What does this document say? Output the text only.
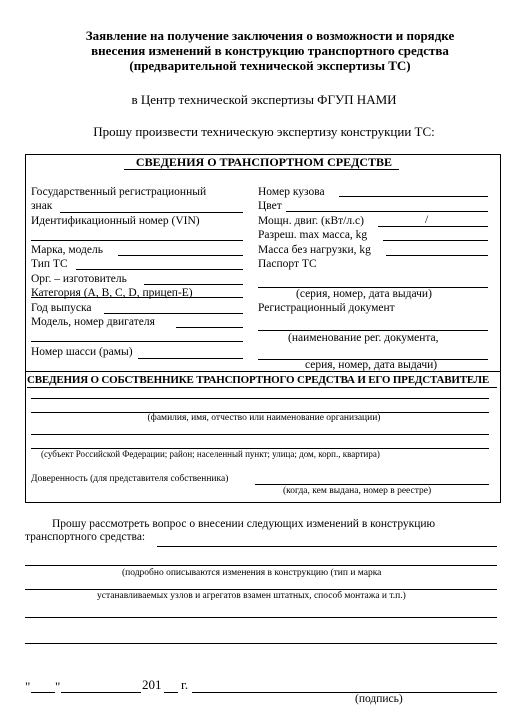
Заявление на получение заключения о возможности и порядке
внесения изменений в конструкцию транспортного средства
(предварительной технической экспертизы ТС)
в Центр технической экспертизы ФГУП НАМИ
Прошу произвести техническую экспертизу конструкции ТС:
СВЕДЕНИЯ О ТРАНСПОРТНОМ СРЕДСТВЕ
Государственный регистрационный
знак
Идентификационный номер (VIN)
Марка, модель
Тип ТС
Орг. – изготовитель
Категория (A, B, C, D, прицеп-E)
Год выпуска
Модель, номер двигателя
Номер шасси (рамы)
Номер кузова
Цвет
Мощн. двиг. (кВт/л.с)	/
Разреш. max масса, kg
Масса без нагрузки, kg
Паспорт ТС
(серия, номер, дата выдачи)
Регистрационный документ
(наименование рег. документа,
серия, номер, дата выдачи)
СВЕДЕНИЯ О СОБСТВЕННИКЕ ТРАНСПОРТНОГО СРЕДСТВА И ЕГО ПРЕДСТАВИТЕЛЕ
(фамилия, имя, отчество или наименование организации)
(субъект Российской Федерации; район; населенный пункт; улица; дом, корп., квартира)
Доверенность (для представителя собственника)
(когда, кем выдана, номер в реестре)
Прошу рассмотреть вопрос о внесении следующих изменений в конструкцию
транспортного средства:
(подробно описываются изменения в конструкцию (тип и марка
устанавливаемых узлов и агрегатов взамен штатных, способ монтажа и т.п.)
" "	201 г.
(подпись)
